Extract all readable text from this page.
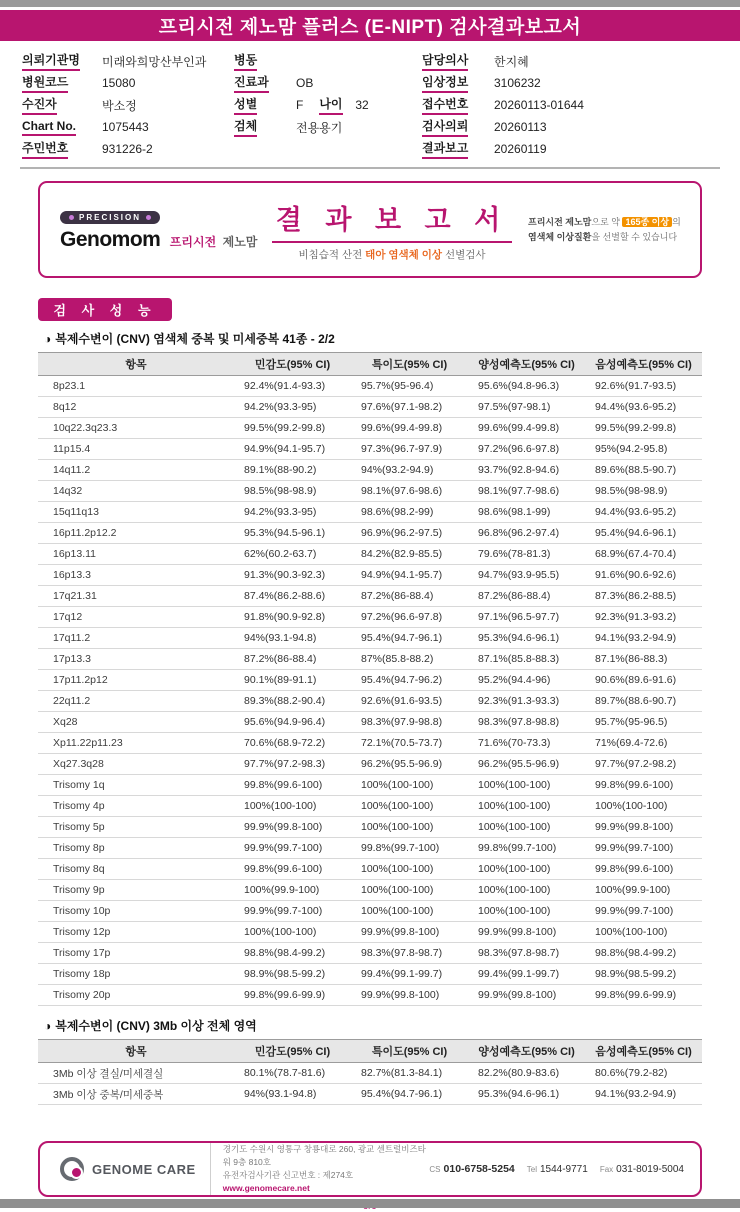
프리시전 제노맘 플러스 (E-NIPT) 검사결과보고서
의뢰기관명	미래와희망산부인과
병원코드	15080
수진자	박소정
Chart No.	1075443
주민번호	931226-2
병동
진료과	OB
성별	F 나이	32
검체	전용용기
담당의사	한지혜
임상정보	3106232
접수번호	20260113-01644
검사의뢰	20260113
결과보고	20260119
PRECISION
Genomom 프리시전 제노맘
결 과 보 고 서
비침습적 산전 태아 염색체 이상 선별검사
프리시전 제노맘으로 약 165종 이상 의
염색체 이상질환을 선별할 수 있습니다
검 사 성 능
◑ 복제수변이 (CNV) 염색체 중복 및 미세중복 41종 - 2/2
항목	민감도(95% CI)	특이도(95% CI)	양성예측도(95% CI)	음성예측도(95% CI)
8p23.1	92.4%(91.4-93.3)	95.7%(95-96.4)	95.6%(94.8-96.3)	92.6%(91.7-93.5)
8q12	94.2%(93.3-95)	97.6%(97.1-98.2)	97.5%(97-98.1)	94.4%(93.6-95.2)
10q22.3q23.3	99.5%(99.2-99.8)	99.6%(99.4-99.8)	99.6%(99.4-99.8)	99.5%(99.2-99.8)
11p15.4	94.9%(94.1-95.7)	97.3%(96.7-97.9)	97.2%(96.6-97.8)	95%(94.2-95.8)
14q11.2	89.1%(88-90.2)	94%(93.2-94.9)	93.7%(92.8-94.6)	89.6%(88.5-90.7)
14q32	98.5%(98-98.9)	98.1%(97.6-98.6)	98.1%(97.7-98.6)	98.5%(98-98.9)
15q11q13	94.2%(93.3-95)	98.6%(98.2-99)	98.6%(98.1-99)	94.4%(93.6-95.2)
16p11.2p12.2	95.3%(94.5-96.1)	96.9%(96.2-97.5)	96.8%(96.2-97.4)	95.4%(94.6-96.1)
16p13.11	62%(60.2-63.7)	84.2%(82.9-85.5)	79.6%(78-81.3)	68.9%(67.4-70.4)
16p13.3	91.3%(90.3-92.3)	94.9%(94.1-95.7)	94.7%(93.9-95.5)	91.6%(90.6-92.6)
17q21.31	87.4%(86.2-88.6)	87.2%(86-88.4)	87.2%(86-88.4)	87.3%(86.2-88.5)
17q12	91.8%(90.9-92.8)	97.2%(96.6-97.8)	97.1%(96.5-97.7)	92.3%(91.3-93.2)
17q11.2	94%(93.1-94.8)	95.4%(94.7-96.1)	95.3%(94.6-96.1)	94.1%(93.2-94.9)
17p13.3	87.2%(86-88.4)	87%(85.8-88.2)	87.1%(85.8-88.3)	87.1%(86-88.3)
17p11.2p12	90.1%(89-91.1)	95.4%(94.7-96.2)	95.2%(94.4-96)	90.6%(89.6-91.6)
22q11.2	89.3%(88.2-90.4)	92.6%(91.6-93.5)	92.3%(91.3-93.3)	89.7%(88.6-90.7)
Xq28	95.6%(94.9-96.4)	98.3%(97.9-98.8)	98.3%(97.8-98.8)	95.7%(95-96.5)
Xp11.22p11.23	70.6%(68.9-72.2)	72.1%(70.5-73.7)	71.6%(70-73.3)	71%(69.4-72.6)
Xq27.3q28	97.7%(97.2-98.3)	96.2%(95.5-96.9)	96.2%(95.5-96.9)	97.7%(97.2-98.2)
Trisomy 1q	99.8%(99.6-100)	100%(100-100)	100%(100-100)	99.8%(99.6-100)
Trisomy 4p	100%(100-100)	100%(100-100)	100%(100-100)	100%(100-100)
Trisomy 5p	99.9%(99.8-100)	100%(100-100)	100%(100-100)	99.9%(99.8-100)
Trisomy 8p	99.9%(99.7-100)	99.8%(99.7-100)	99.8%(99.7-100)	99.9%(99.7-100)
Trisomy 8q	99.8%(99.6-100)	100%(100-100)	100%(100-100)	99.8%(99.6-100)
Trisomy 9p	100%(99.9-100)	100%(100-100)	100%(100-100)	100%(99.9-100)
Trisomy 10p	99.9%(99.7-100)	100%(100-100)	100%(100-100)	99.9%(99.7-100)
Trisomy 12p	100%(100-100)	99.9%(99.8-100)	99.9%(99.8-100)	100%(100-100)
Trisomy 17p	98.8%(98.4-99.2)	98.3%(97.8-98.7)	98.3%(97.8-98.7)	98.8%(98.4-99.2)
Trisomy 18p	98.9%(98.5-99.2)	99.4%(99.1-99.7)	99.4%(99.1-99.7)	98.9%(98.5-99.2)
Trisomy 20p	99.8%(99.6-99.9)	99.9%(99.8-100)	99.9%(99.8-100)	99.8%(99.6-99.9)
◑ 복제수변이 (CNV) 3Mb 이상 전체 영역
항목	민감도(95% CI)	특이도(95% CI)	양성예측도(95% CI)	음성예측도(95% CI)
3Mb 이상 결실/미세결실	80.1%(78.7-81.6)	82.7%(81.3-84.1)	82.2%(80.9-83.6)	80.6%(79.2-82)
3Mb 이상 중복/미세중복	94%(93.1-94.8)	95.4%(94.7-96.1)	95.3%(94.6-96.1)	94.1%(93.2-94.9)
GENOME CARE
경기도 수원시 영통구 창룡대로 260, 광교 센트럴비즈타워 9층 810호
유전자검사기관 신고번호 : 제274호
www.genomecare.net
CS 010-6758-5254 Tel 1544-9771 Fax 031-8019-5004
